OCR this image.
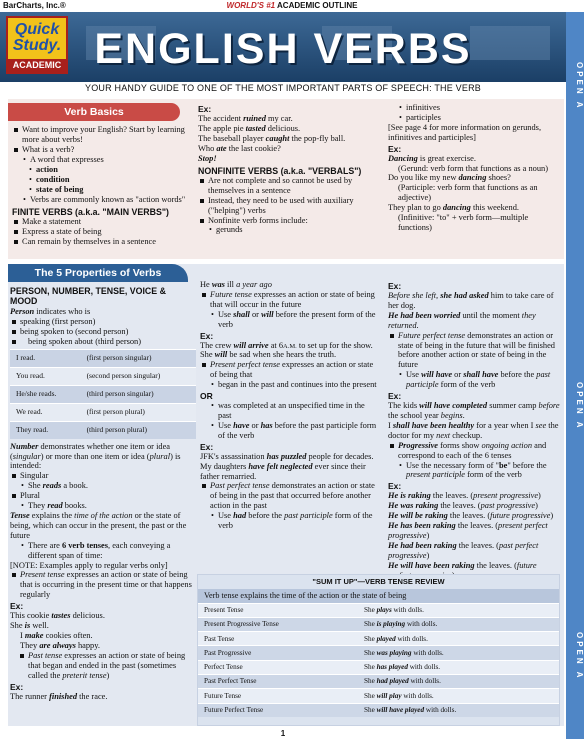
BarCharts, Inc.®	WORLD'S #1 ACADEMIC OUTLINE
Quick
Study.
ACADEMIC ENGLISH VERBS
YOUR HANDY GUIDE TO ONE OF THE MOST IMPORTANT PARTS OF SPEECH: THE VERB	OPEN A
OPEN A
OPEN A
Verb Basics
Want to improve your English? Start by learning more about verbs!
What is a verb?
• A word that expresses
• action
• condition
• state of being
• Verbs are commonly known as "action words"
FINITE VERBS (a.k.a. "MAIN VERBS")
Make a statement
Express a state of being
Can remain by themselves in a sentence
Ex:
The accident ruined my car.
The apple pie tasted delicious.
The baseball player caught the pop-fly ball.
Who ate the last cookie?
Stop!
NONFINITE VERBS (a.k.a. "VERBALS")
Are not complete and so cannot be used by themselves in a sentence
Instead, they need to be used with auxiliary ("helping") verbs
Nonfinite verb forms include:
• gerunds
• infinitives
• participles
[See page 4 for more information on gerunds, infinitives and participles]
Ex:
Dancing is great exercise.
(Gerund: verb form that functions as a noun)
Do you like my new dancing shoes?
(Participle: verb form that functions as an adjective)
They plan to go dancing this weekend.
(Infinitive: "to" + verb form—multiple functions)
The 5 Properties of Verbs
PERSON, NUMBER, TENSE, VOICE & MOOD
Person indicates who is
speaking (first person)
being spoken to (second person)
being spoken about (third person)
I read.	(first person singular)
You read.	(second person singular)
He/she reads.	(third person singular)
We read.	(first person plural)
They read.	(third person plural)
Number demonstrates whether one item or idea (singular) or more than one item or idea (plural) is intended:
Singular
• She reads a book.
Plural
• They read books.
Tense explains the time of the action or the state of being, which can occur in the present, the past or the future
• There are 6 verb tenses, each conveying a different span of time:
[NOTE: Examples apply to regular verbs only]
Present tense expresses an action or state of being that is occurring in the present time or that happens regularly
Ex:
This cookie tastes delicious.
She is well.
I make cookies often.
They are always happy.
Past tense expresses an action or state of being that began and ended in the past (sometimes called the preterit tense)
Ex:
The runner finished the race.
He was ill a year ago
Future tense expresses an action or state of being that will occur in the future
• Use shall or will before the present form of the verb
Ex:
The crew will arrive at 6A.M. to set up for the show.
She will be sad when she hears the truth.
Present perfect tense expresses an action or state of being that
• began in the past and continues into the present
OR
• was completed at an unspecified time in the past
• Use have or has before the past participle form of the verb
Ex:
JFK's assassination has puzzled people for decades.
My daughters have felt neglected ever since their father remarried.
Past perfect tense demonstrates an action or state of being in the past that occurred before another action in the past
• Use had before the past participle form of the verb
Ex:
Before she left, she had asked him to take care of her dog.
He had been worried until the moment they returned.
Future perfect tense demonstrates an action or state of being in the future that will be finished before another action or state of being in the future
• Use will have or shall have before the past participle form of the verb
Ex:
The kids will have completed summer camp before the school year begins.
I shall have been healthy for a year when I see the doctor for my next checkup.
Progressive forms show ongoing action and correspond to each of the 6 tenses
• Use the necessary form of "be" before the present participle form of the verb
Ex:
He is raking the leaves. (present progressive)
He was raking the leaves. (past progressive)
He will be raking the leaves. (future progressive)
He has been raking the leaves. (present perfect progressive)
He had been raking the leaves. (past perfect progressive)
He will have been raking the leaves. (future
"SUM IT UP"—VERB TENSE REVIEW
Verb tense explains the time of the action or the state of being
Present Tense	She plays with dolls.
Present Progressive Tense	She is playing with dolls.
Past Tense	She played with dolls.
Past Progressive	She was playing with dolls.
Perfect Tense	She has played with dolls.
Past Perfect Tense	She had played with dolls.
Future Tense	She will play with dolls.
Future Perfect Tense	She will have played with dolls.
1
